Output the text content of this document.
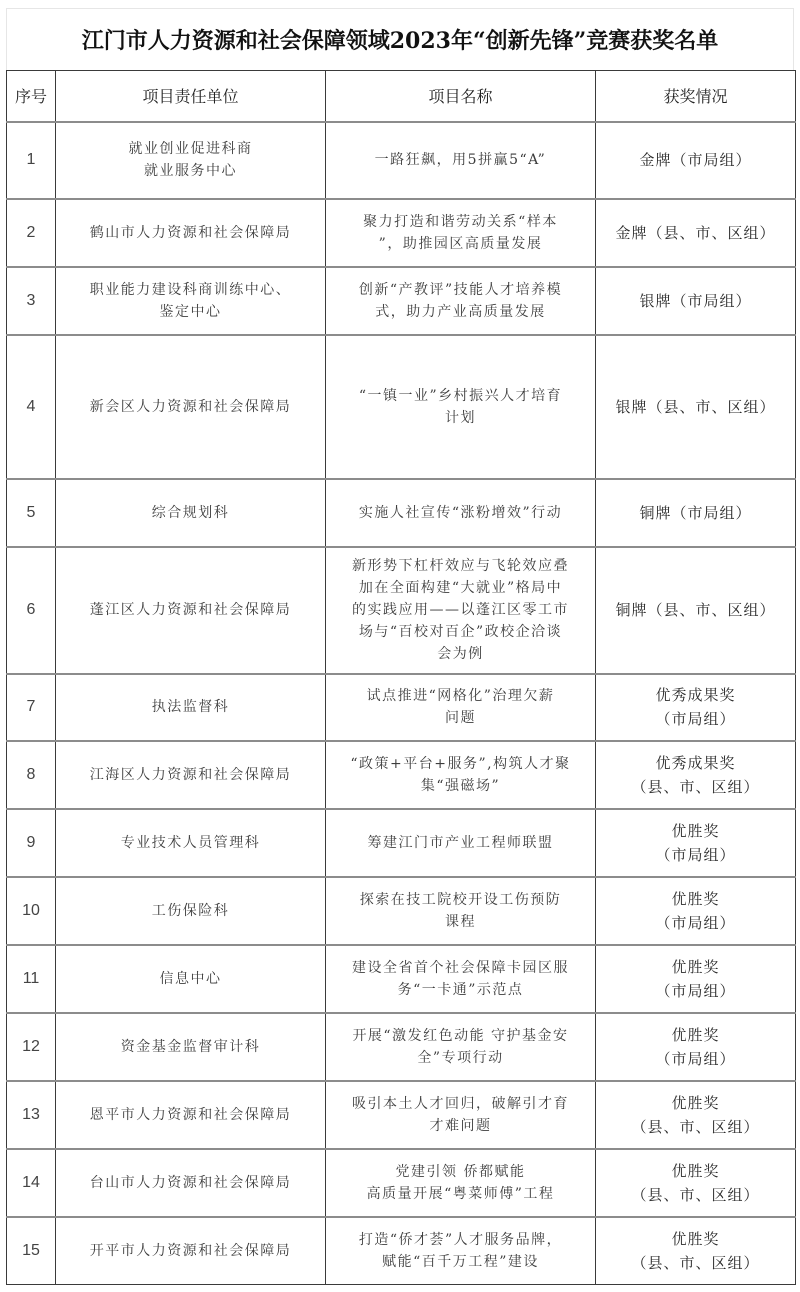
江门市人力资源和社会保障领域2023年“创新先锋”竞赛获奖名单
序号	项目责任单位	项目名称	获奖情况
1	就业创业促进科商
就业服务中心	一路狂飙，用5拼赢5“A”	金牌（市局组）

2	鹤山市人力资源和社会保障局	聚力打造和谐劳动关系“样本
”，助推园区高质量发展	金牌（县、市、区组）

3	职业能力建设科商训练中心、
鉴定中心	创新“产教评”技能人才培养模
式，助力产业高质量发展	银牌（市局组）

4	新会区人力资源和社会保障局	“一镇一业”乡村振兴人才培育
计划	银牌（县、市、区组）

5	综合规划科	实施人社宣传“涨粉增效”行动	铜牌（市局组）

6	蓬江区人力资源和社会保障局	新形势下杠杆效应与飞轮效应叠
加在全面构建“大就业”格局中
的实践应用——以蓬江区零工市
场与“百校对百企”政校企洽谈
会为例	铜牌（县、市、区组）

7	执法监督科	试点推进“网格化”治理欠薪
问题	优秀成果奖
（市局组）

8	江海区人力资源和社会保障局	“政策+平台+服务”,构筑人才聚
集“强磁场”	优秀成果奖
（县、市、区组）

9	专业技术人员管理科	筹建江门市产业工程师联盟	优胜奖
（市局组）

10	工伤保险科	探索在技工院校开设工伤预防
课程	优胜奖
（市局组）

11	信息中心	建设全省首个社会保障卡园区服
务“一卡通”示范点	优胜奖
（市局组）

12	资金基金监督审计科	开展“激发红色动能 守护基金安
全”专项行动	优胜奖
（市局组）

13	恩平市人力资源和社会保障局	吸引本土人才回归，破解引才育
才难问题	优胜奖
（县、市、区组）

14	台山市人力资源和社会保障局	党建引领 侨都赋能
高质量开展“粤菜师傅”工程	优胜奖
（县、市、区组）

15	开平市人力资源和社会保障局	打造“侨才荟”人才服务品牌，
赋能“百千万工程”建设	优胜奖
（县、市、区组）
